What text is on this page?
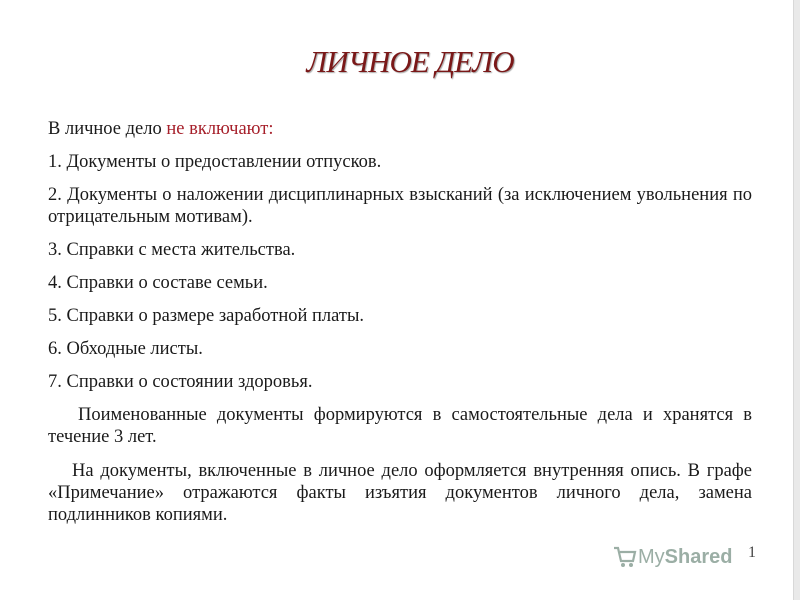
ЛИЧНОЕ ДЕЛО

В личное дело не включают:

1. Документы о предоставлении отпусков.

2. Документы о наложении дисциплинарных взысканий (за исключением увольнения по отрицательным мотивам).

3. Справки с места жительства.

4. Справки о составе семьи.

5. Справки о размере заработной платы.

6. Обходные листы.

7. Справки о состоянии здоровья.

Поименованные документы формируются в самостоятельные дела и хранятся в течение 3 лет.

На документы, включенные в личное дело оформляется внутренняя опись. В графе «Примечание» отражаются факты изъятия документов личного дела, замена подлинников копиями.

My Shared 1
